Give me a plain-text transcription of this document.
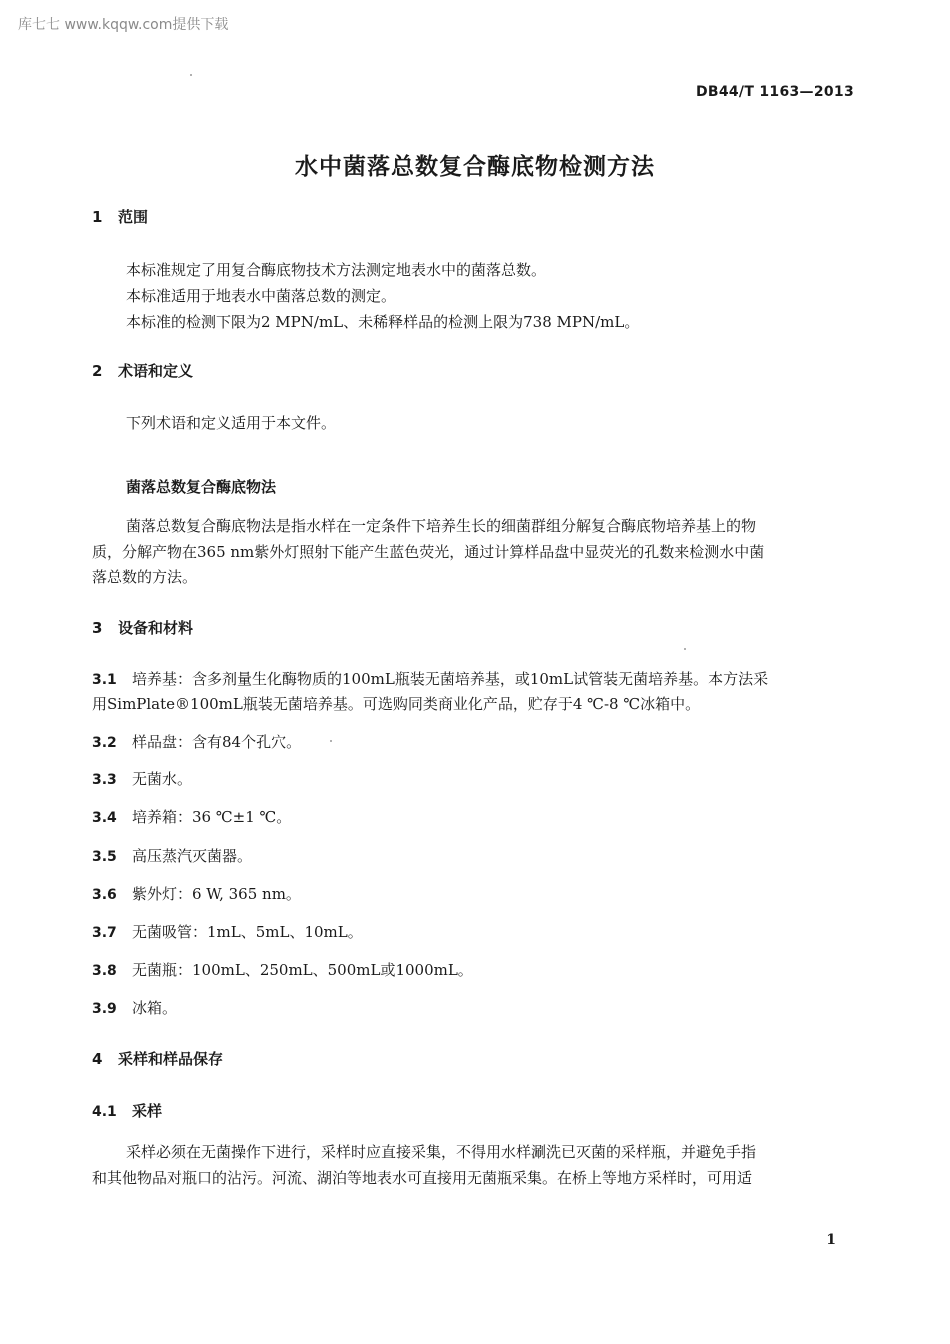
库七七 www.kqqw.com提供下载
DB44/T 1163—2013
水中菌落总数复合酶底物检测方法
1 范围
本标准规定了用复合酶底物技术方法测定地表水中的菌落总数。
本标准适用于地表水中菌落总数的测定。
本标准的检测下限为2 MPN/mL、未稀释样品的检测上限为738 MPN/mL。
2 术语和定义
下列术语和定义适用于本文件。
菌落总数复合酶底物法
菌落总数复合酶底物法是指水样在一定条件下培养生长的细菌群组分解复合酶底物培养基上的物
质，分解产物在365 nm紫外灯照射下能产生蓝色荧光，通过计算样品盘中显荧光的孔数来检测水中菌
落总数的方法。
3 设备和材料
3.1 培养基：含多剂量生化酶物质的100mL瓶装无菌培养基，或10mL试管装无菌培养基。本方法采
用SimPlate®100mL瓶装无菌培养基。可选购同类商业化产品，贮存于4 ℃-8 ℃冰箱中。
3.2 样品盘：含有84个孔穴。
3.3 无菌水。
3.4 培养箱：36 ℃±1 ℃。
3.5 高压蒸汽灭菌器。
3.6 紫外灯：6 W, 365 nm。
3.7 无菌吸管：1mL、5mL、10mL。
3.8 无菌瓶：100mL、250mL、500mL或1000mL。
3.9 冰箱。
4 采样和样品保存
4.1 采样
采样必须在无菌操作下进行，采样时应直接采集，不得用水样涮洗已灭菌的采样瓶，并避免手指
和其他物品对瓶口的沾污。河流、湖泊等地表水可直接用无菌瓶采集。在桥上等地方采样时，可用适
1
